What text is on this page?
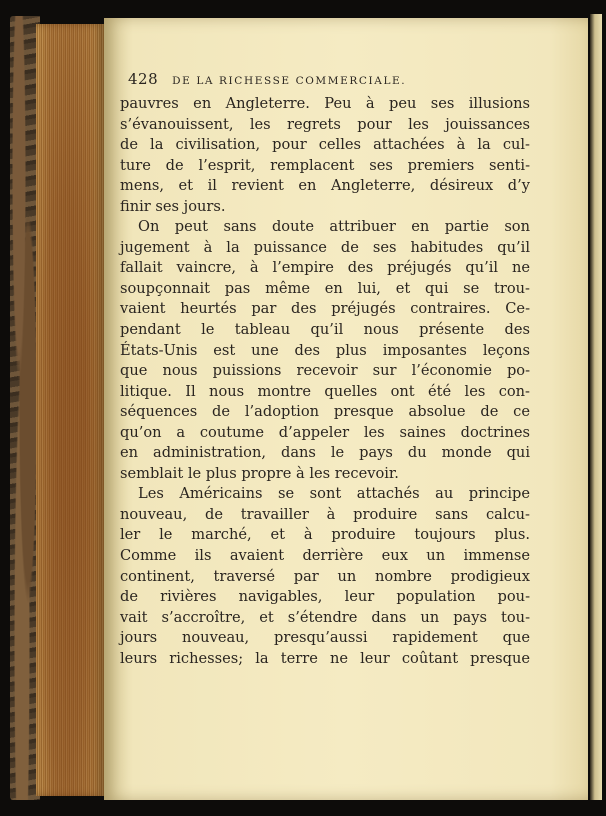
428 DE LA RICHESSE COMMERCIALE.
pauvres en Angleterre. Peu à peu ses illusions
s’évanouissent, les regrets pour les jouissances
de la civilisation, pour celles attachées à la cul-
ture de l’esprit, remplacent ses premiers senti-
mens, et il revient en Angleterre, désireux d’y
finir ses jours.
On peut sans doute attribuer en partie son
jugement à la puissance de ses habitudes qu’il
fallait vaincre, à l’empire des préjugés qu’il ne
soupçonnait pas même en lui, et qui se trou-
vaient heurtés par des préjugés contraires. Ce-
pendant le tableau qu’il nous présente des
États-Unis est une des plus imposantes leçons
que nous puissions recevoir sur l’économie po-
litique. Il nous montre quelles ont été les con-
séquences de l’adoption presque absolue de ce
qu’on a coutume d’appeler les saines doctrines
en administration, dans le pays du monde qui
semblait le plus propre à les recevoir.
Les Américains se sont attachés au principe
nouveau, de travailler à produire sans calcu-
ler le marché, et à produire toujours plus.
Comme ils avaient derrière eux un immense
continent, traversé par un nombre prodigieux
de rivières navigables, leur population pou-
vait s’accroître, et s’étendre dans un pays tou-
jours nouveau, presqu’aussi rapidement que
leurs richesses; la terre ne leur coûtant presque
